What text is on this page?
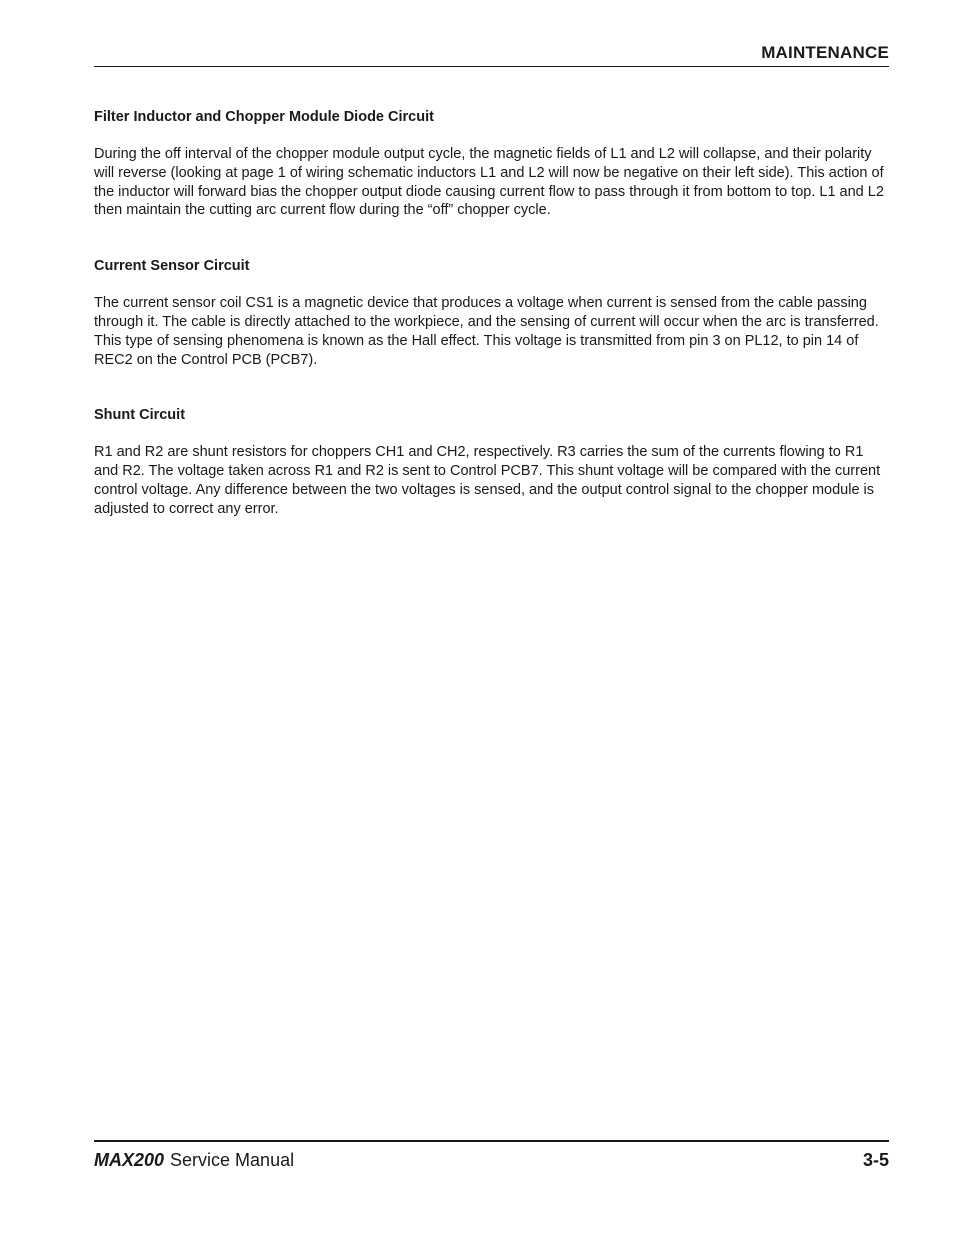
MAINTENANCE
Filter Inductor and Chopper Module Diode Circuit

During the off interval of the chopper module output cycle, the magnetic fields of L1 and L2 will collapse, and their polarity will reverse (looking at page 1 of wiring schematic inductors L1 and L2 will now be negative on their left side). This action of the inductor will forward bias the chopper output diode causing current flow to pass through it from bottom to top. L1 and L2 then maintain the cutting arc current flow during the “off” chopper cycle.

Current Sensor Circuit

The current sensor coil CS1 is a magnetic device that produces a voltage when current is sensed from the cable passing through it. The cable is directly attached to the workpiece, and the sensing of current will occur when the arc is transferred. This type of sensing phenomena is known as the Hall effect. This voltage is transmitted from pin 3 on PL12, to pin 14 of REC2 on the Control PCB (PCB7).

Shunt Circuit

R1 and R2 are shunt resistors for choppers CH1 and CH2, respectively. R3 carries the sum of the currents flowing to R1 and R2. The voltage taken across R1 and R2 is sent to Control PCB7. This shunt voltage will be compared with the current control voltage. Any difference between the two voltages is sensed, and the output control signal to the chopper module is adjusted to correct any error.

MAX200 Service Manual	3-5
